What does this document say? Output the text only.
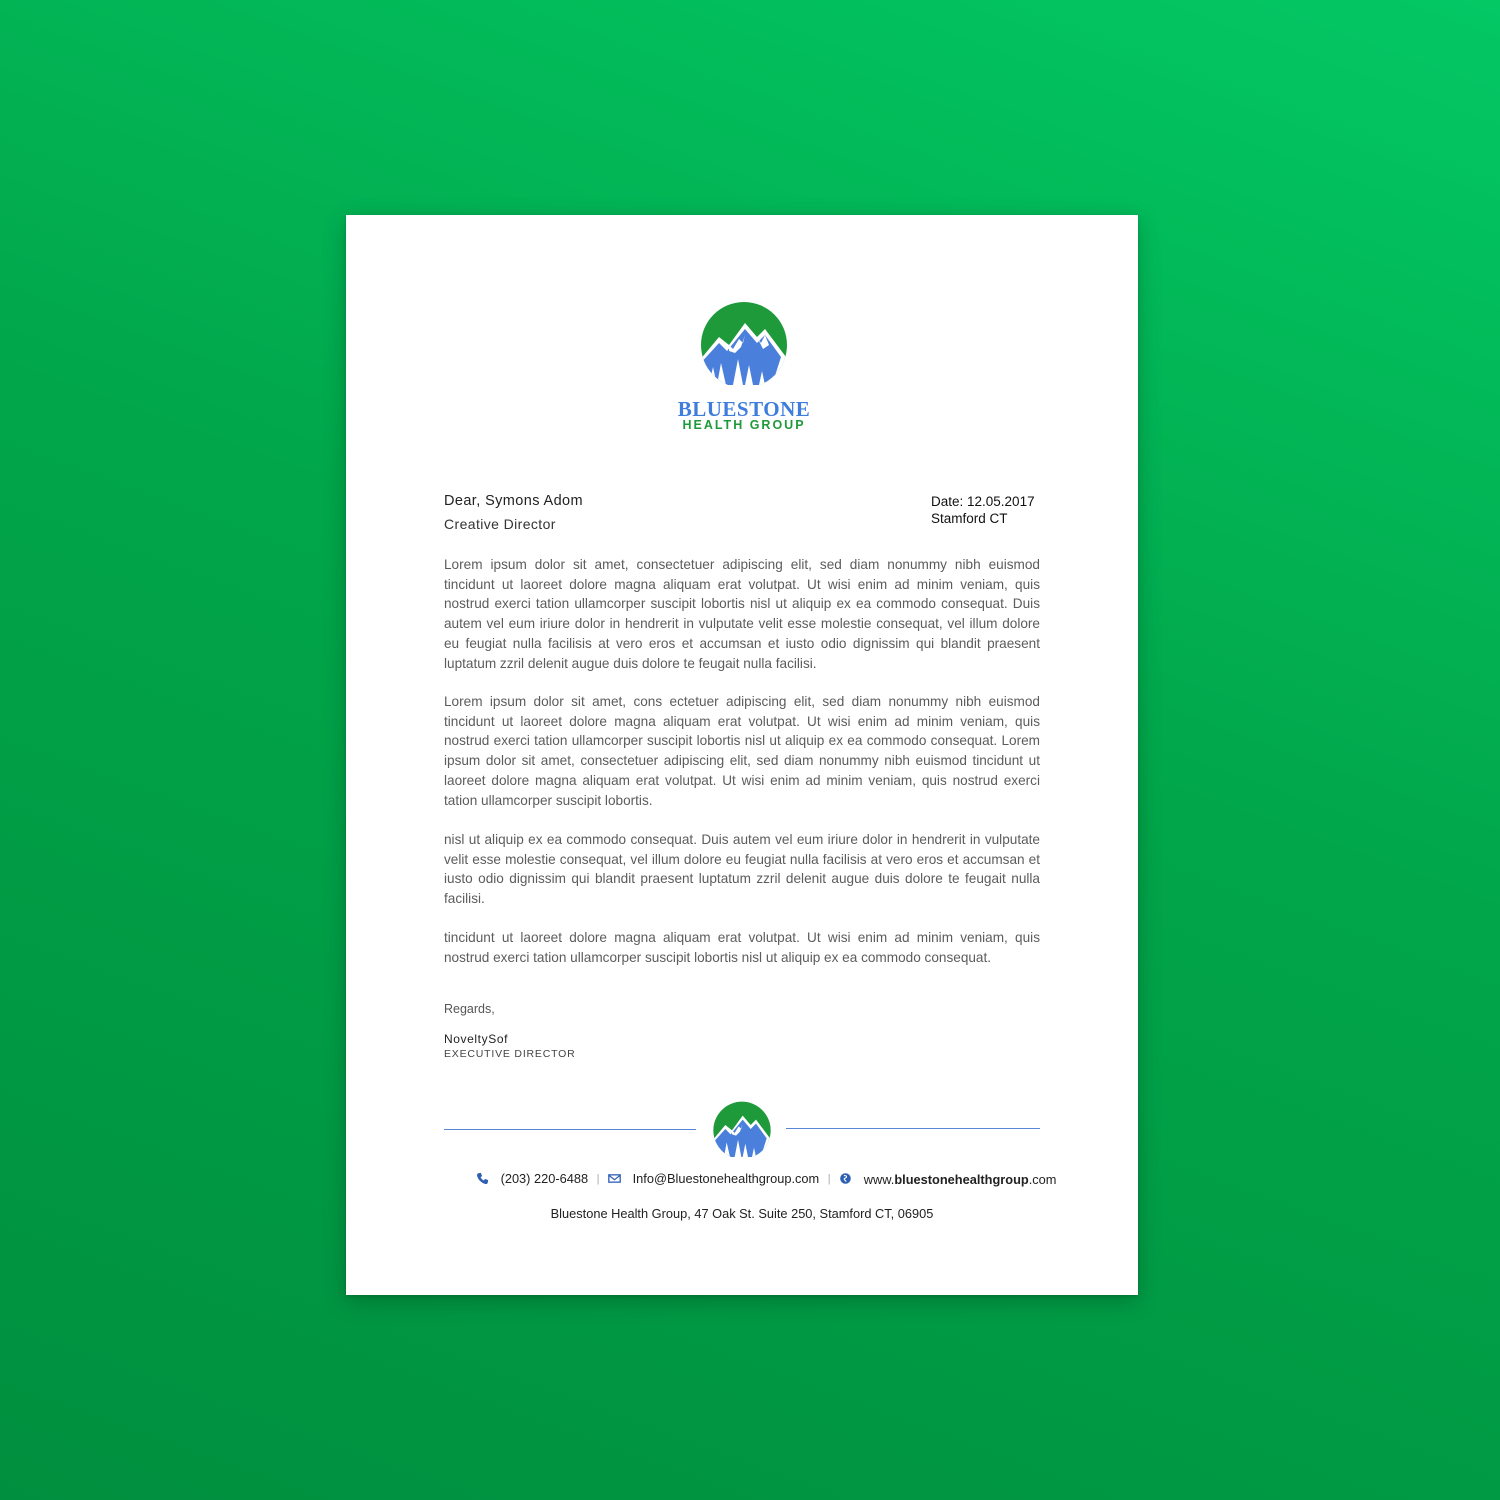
BLUESTONE
HEALTH GROUP
Dear, Symons Adom
Creative Director
Date: 12.05.2017
Stamford CT

Lorem ipsum dolor sit amet, consectetuer adipiscing elit, sed diam nonummy nibh euismod tincidunt ut laoreet dolore magna aliquam erat volutpat. Ut wisi enim ad minim veniam, quis nostrud exerci tation ullamcorper suscipit lobortis nisl ut aliquip ex ea commodo consequat. Duis autem vel eum iriure dolor in hendrerit in vulputate velit esse molestie consequat, vel illum dolore eu feugiat nulla facilisis at vero eros et accumsan et iusto odio dignissim qui blandit praesent luptatum zzril delenit augue duis dolore te feugait nulla facilisi.

Lorem ipsum dolor sit amet, cons ectetuer adipiscing elit, sed diam nonummy nibh euismod tincidunt ut laoreet dolore magna aliquam erat volutpat. Ut wisi enim ad minim veniam, quis nostrud exerci tation ullamcorper suscipit lobortis nisl ut aliquip ex ea commodo consequat. Lorem ipsum dolor sit amet, consectetuer adipiscing elit, sed diam nonummy nibh euismod tincidunt ut laoreet dolore magna aliquam erat volutpat. Ut wisi enim ad minim veniam, quis nostrud exerci tation ullamcorper suscipit lobortis.

nisl ut aliquip ex ea commodo consequat. Duis autem vel eum iriure dolor in hendrerit in vulputate velit esse molestie consequat, vel illum dolore eu feugiat nulla facilisis at vero eros et accumsan et iusto odio dignissim qui blandit praesent luptatum zzril delenit augue duis dolore te feugait nulla facilisi.

tincidunt ut laoreet dolore magna aliquam erat volutpat. Ut wisi enim ad minim veniam, quis nostrud exerci tation ullamcorper suscipit lobortis nisl ut aliquip ex ea commodo consequat.

Regards,
NoveltySof
EXECUTIVE DIRECTOR
(203) 220-6488 |	Info@Bluestonehealthgroup.com |	www.bluestonehealthgroup.com
Bluestone Health Group, 47 Oak St. Suite 250, Stamford CT, 06905
